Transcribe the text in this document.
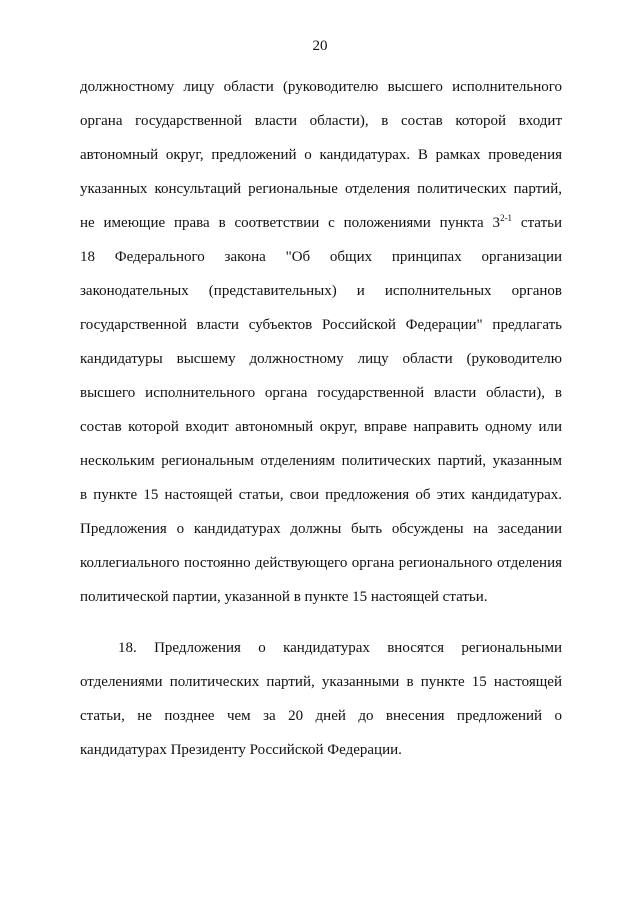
20
должностному лицу области (руководителю высшего исполнительного
органа государственной власти области), в состав которой входит
автономный округ, предложений о кандидатурах. В рамках проведения
указанных консультаций региональные отделения политических партий,
не имеющие права в соответствии с положениями пункта 3$^{2-1}$ статьи
18 Федерального закона "Об общих принципах организации
законодательных (представительных) и исполнительных органов
государственной власти субъектов Российской Федерации" предлагать
кандидатуры высшему должностному лицу области (руководителю
высшего исполнительного органа государственной власти области), в
состав которой входит автономный округ, вправе направить одному или
нескольким региональным отделениям политических партий, указанным
в пункте 15 настоящей статьи, свои предложения об этих кандидатурах.
Предложения о кандидатурах должны быть обсуждены на заседании
коллегиального постоянно действующего органа регионального отделения
политической партии, указанной в пункте 15 настоящей статьи.
18. Предложения о кандидатурах вносятся региональными
отделениями политических партий, указанными в пункте 15 настоящей
статьи, не позднее чем за 20 дней до внесения предложений о
кандидатурах Президенту Российской Федерации.
